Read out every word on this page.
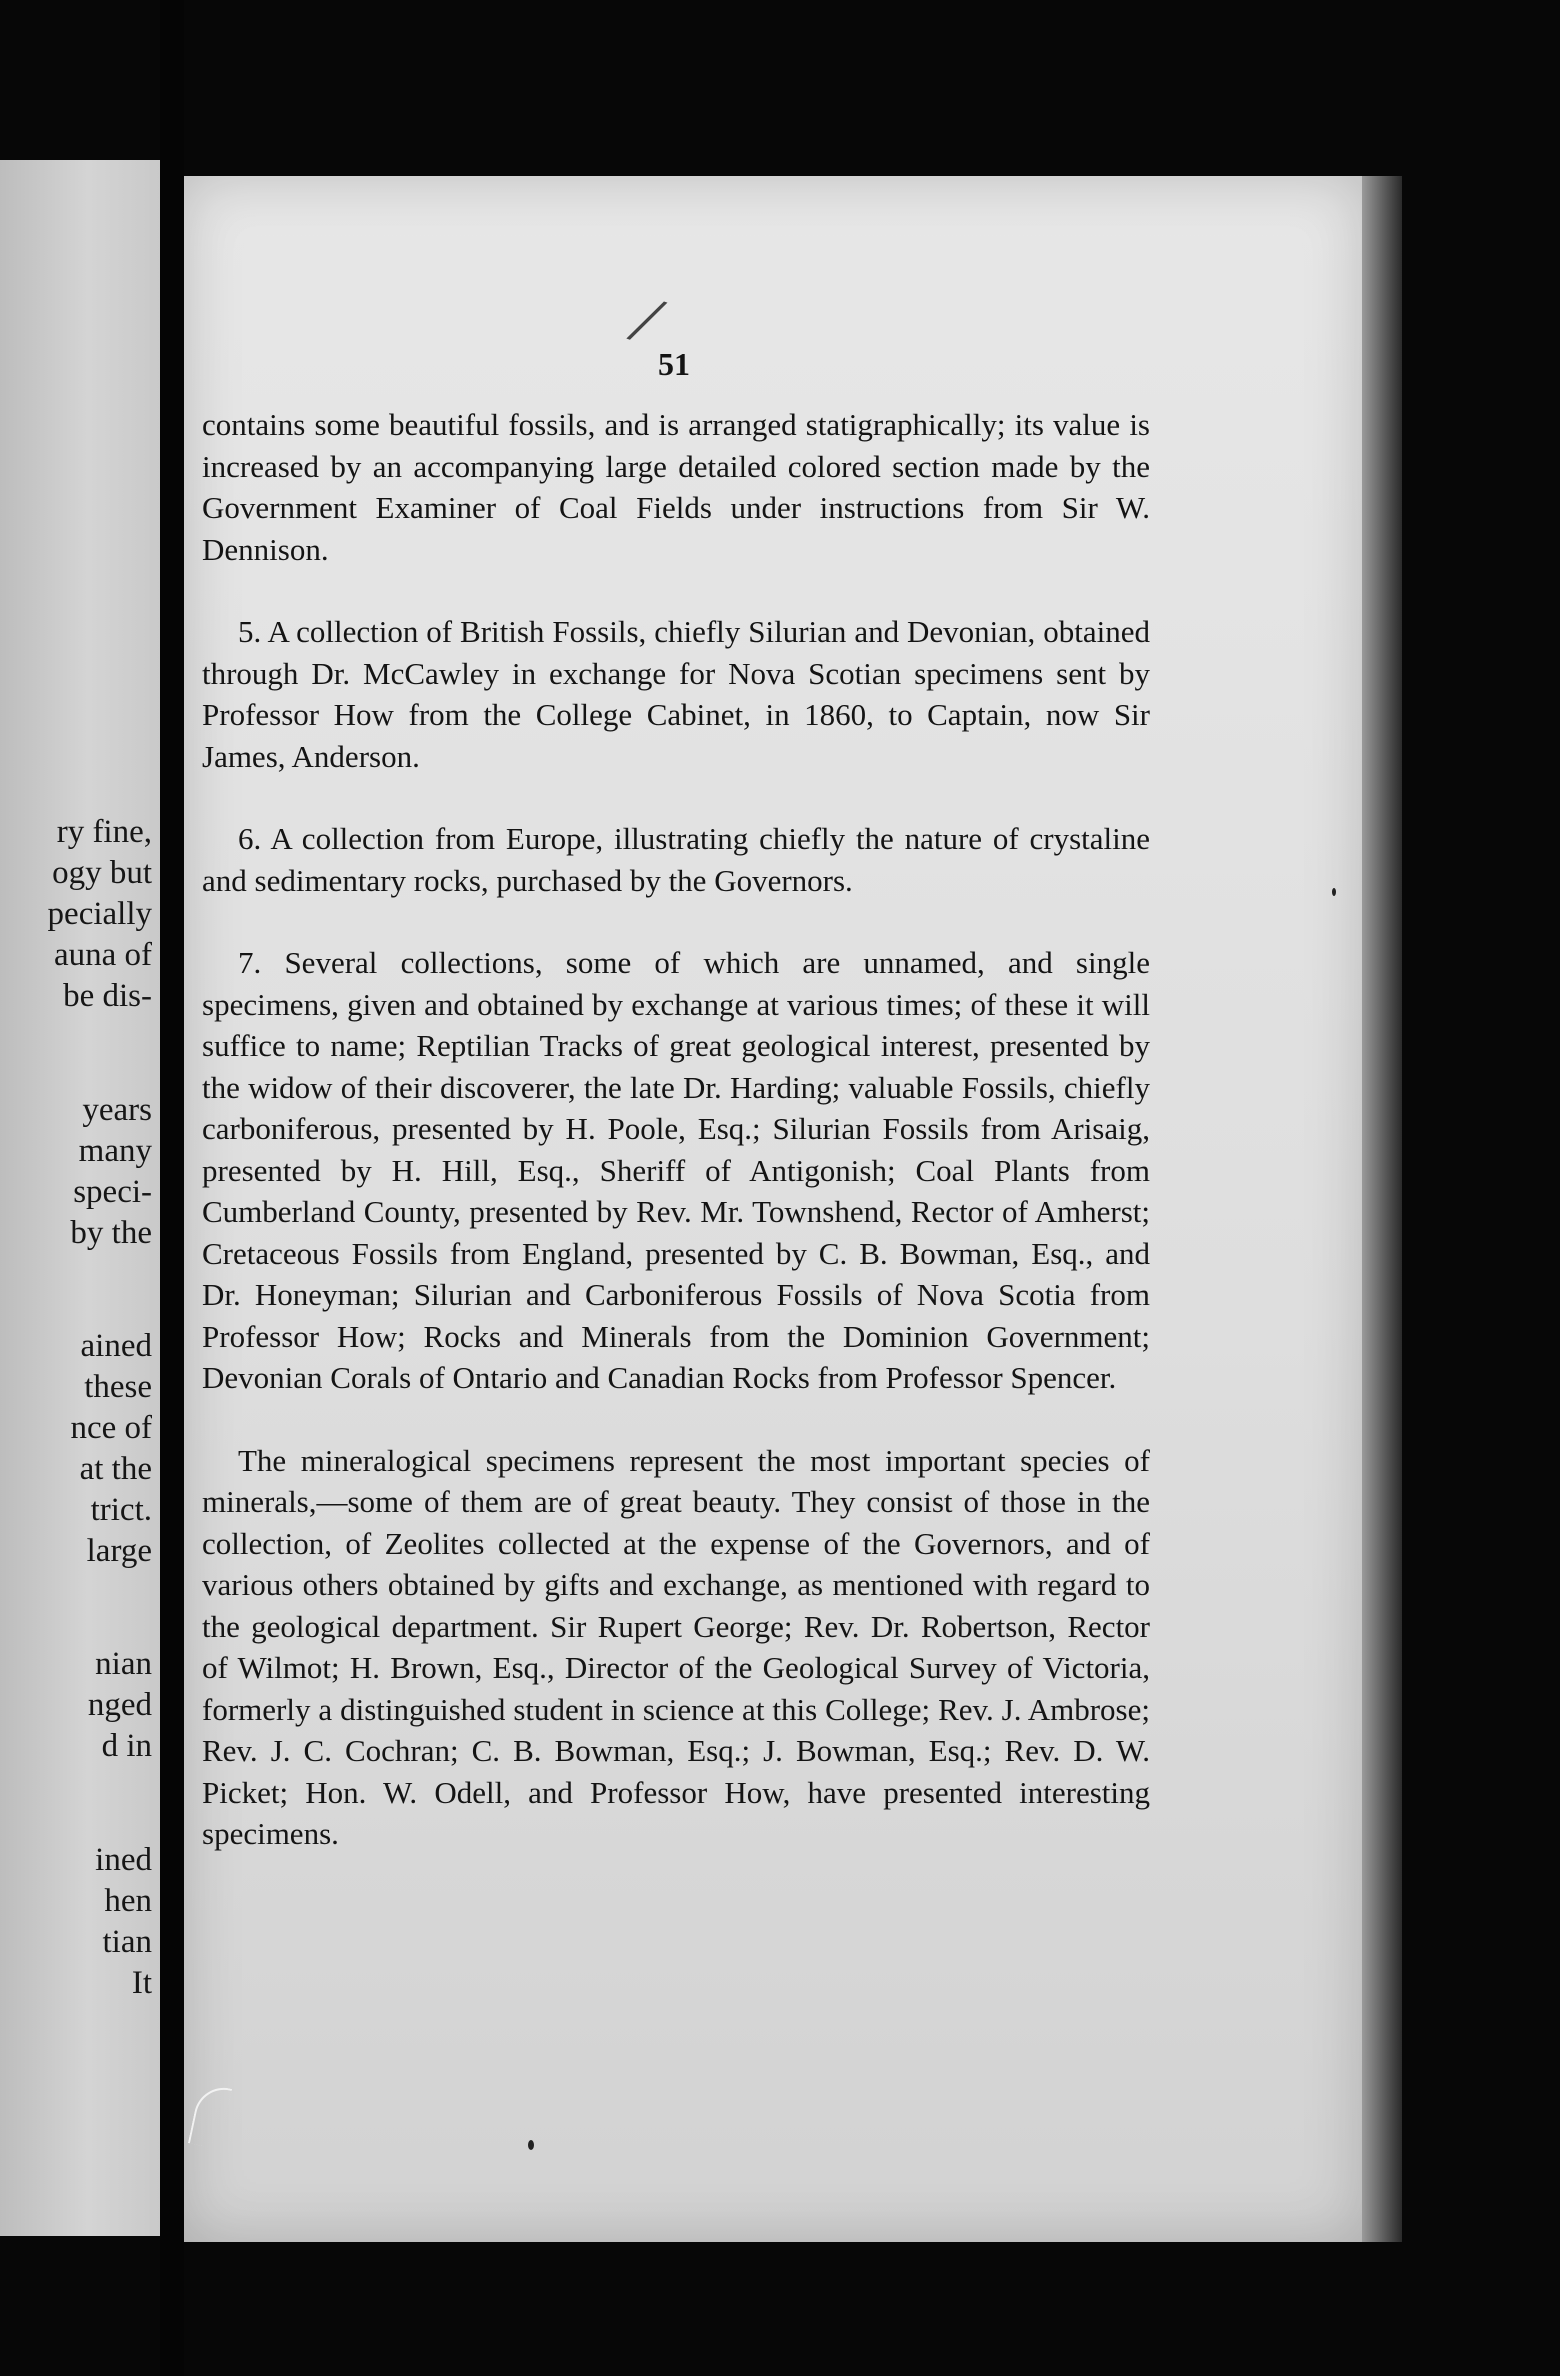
ry fine,
ogy but
pecially
auna of
be dis-
years
many
speci-
by the
ained
these
nce of
at the
trict.
large
nian
nged
d in
ined
hen
tian
It
/
51

contains some beautiful fossils, and is arranged statigraphically; its value is increased by an accompanying large detailed colored section made by the Government Examiner of Coal Fields under instructions from Sir W. Dennison.

5. A collection of British Fossils, chiefly Silurian and Devonian, obtained through Dr. McCawley in exchange for Nova Scotian specimens sent by Professor How from the College Cabinet, in 1860, to Captain, now Sir James, Anderson.

6. A collection from Europe, illustrating chiefly the nature of crystaline and sedimentary rocks, purchased by the Governors.

7. Several collections, some of which are unnamed, and single specimens, given and obtained by exchange at various times; of these it will suffice to name; Reptilian Tracks of great geological interest, presented by the widow of their discoverer, the late Dr. Harding; valuable Fossils, chiefly carboniferous, presented by H. Poole, Esq.; Silurian Fossils from Arisaig, presented by H. Hill, Esq., Sheriff of Antigonish; Coal Plants from Cumberland County, presented by Rev. Mr. Townshend, Rector of Amherst; Cretaceous Fossils from England, presented by C. B. Bowman, Esq., and Dr. Honeyman; Silurian and Carboniferous Fossils of Nova Scotia from Professor How; Rocks and Minerals from the Dominion Government; Devonian Corals of Ontario and Canadian Rocks from Professor Spencer.

The mineralogical specimens represent the most important species of minerals,—some of them are of great beauty. They consist of those in the collection, of Zeolites collected at the expense of the Governors, and of various others obtained by gifts and exchange, as mentioned with regard to the geological department. Sir Rupert George; Rev. Dr. Robertson, Rector of Wilmot; H. Brown, Esq., Director of the Geological Survey of Victoria, formerly a distinguished student in science at this College; Rev. J. Ambrose; Rev. J. C. Cochran; C. B. Bowman, Esq.; J. Bowman, Esq.; Rev. D. W. Picket; Hon. W. Odell, and Professor How, have presented interesting specimens.
